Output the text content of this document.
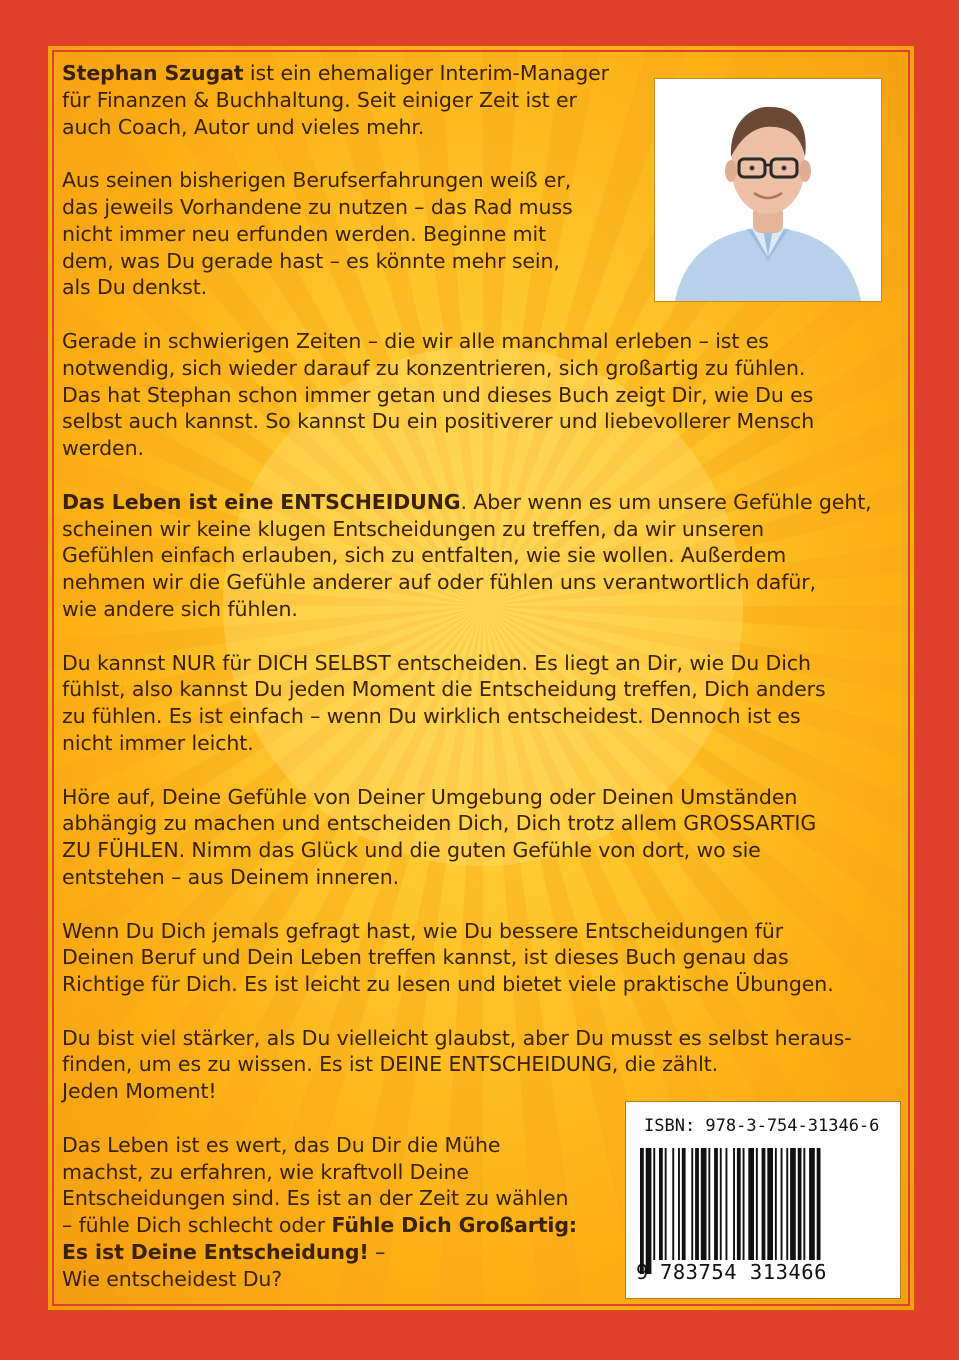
Stephan Szugat ist ein ehemaliger Interim-Manager
für Finanzen & Buchhaltung. Seit einiger Zeit ist er
auch Coach, Autor und vieles mehr.

Aus seinen bisherigen Berufserfahrungen weiß er,
das jeweils Vorhandene zu nutzen – das Rad muss
nicht immer neu erfunden werden. Beginne mit
dem, was Du gerade hast – es könnte mehr sein,
als Du denkst.

Gerade in schwierigen Zeiten – die wir alle manchmal erleben – ist es
notwendig, sich wieder darauf zu konzentrieren, sich großartig zu fühlen.
Das hat Stephan schon immer getan und dieses Buch zeigt Dir, wie Du es
selbst auch kannst. So kannst Du ein positiverer und liebevollerer Mensch
werden.

Das Leben ist eine ENTSCHEIDUNG. Aber wenn es um unsere Gefühle geht,
scheinen wir keine klugen Entscheidungen zu treffen, da wir unseren
Gefühlen einfach erlauben, sich zu entfalten, wie sie wollen. Außerdem
nehmen wir die Gefühle anderer auf oder fühlen uns verantwortlich dafür,
wie andere sich fühlen.

Du kannst NUR für DICH SELBST entscheiden. Es liegt an Dir, wie Du Dich
fühlst, also kannst Du jeden Moment die Entscheidung treffen, Dich anders
zu fühlen. Es ist einfach – wenn Du wirklich entscheidest. Dennoch ist es
nicht immer leicht.

Höre auf, Deine Gefühle von Deiner Umgebung oder Deinen Umständen
abhängig zu machen und entscheiden Dich, Dich trotz allem GROSSARTIG
ZU FÜHLEN. Nimm das Glück und die guten Gefühle von dort, wo sie
entstehen – aus Deinem inneren.

Wenn Du Dich jemals gefragt hast, wie Du bessere Entscheidungen für
Deinen Beruf und Dein Leben treffen kannst, ist dieses Buch genau das
Richtige für Dich. Es ist leicht zu lesen und bietet viele praktische Übungen.

Du bist viel stärker, als Du vielleicht glaubst, aber Du musst es selbst heraus-
finden, um es zu wissen. Es ist DEINE ENTSCHEIDUNG, die zählt.
Jeden Moment!

Das Leben ist es wert, das Du Dir die Mühe
machst, zu erfahren, wie kraftvoll Deine
Entscheidungen sind. Es ist an der Zeit zu wählen
– fühle Dich schlecht oder Fühle Dich Großartig:
Es ist Deine Entscheidung! –
Wie entscheidest Du?

ISBN: 978-3-754-31346-6
9 783754 313466
